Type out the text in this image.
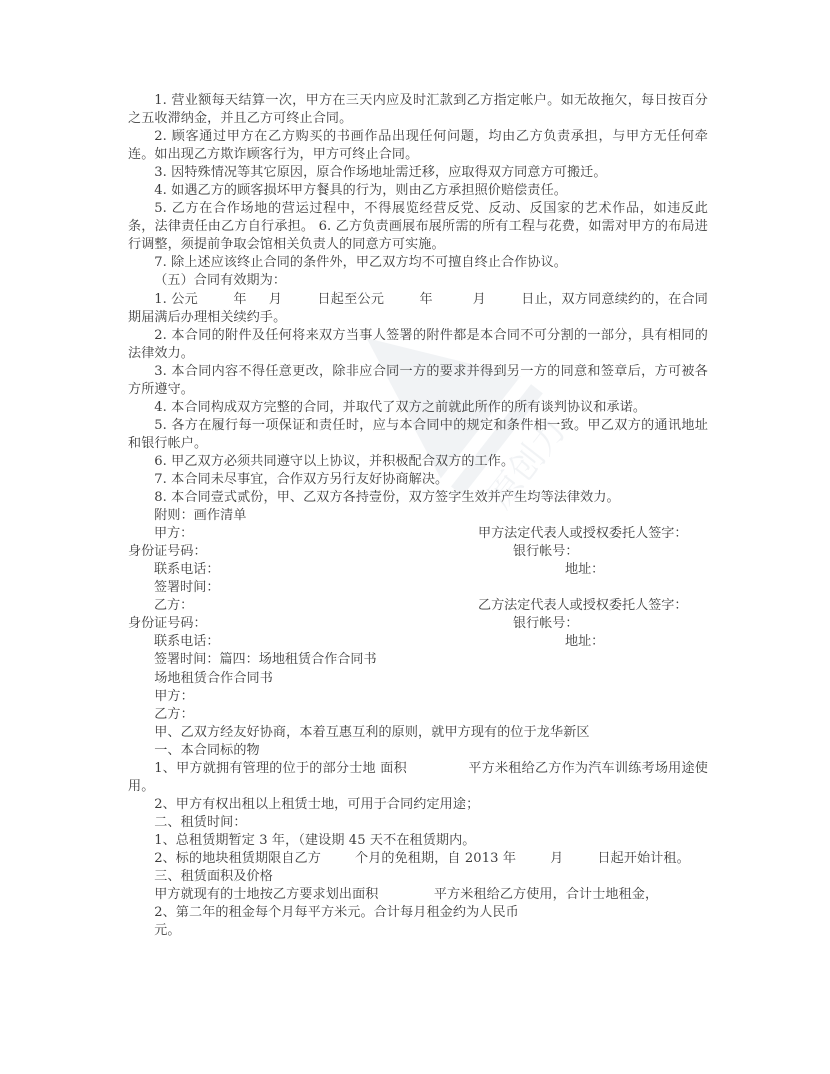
原创力
1. 营业额每天结算一次，甲方在三天内应及时汇款到乙方指定帐户。如无故拖欠，每日按百分之五收滞纳金，并且乙方可终止合同。
2. 顾客通过甲方在乙方购买的书画作品出现任何问题，均由乙方负责承担，与甲方无任何牵连。如出现乙方欺诈顾客行为，甲方可终止合同。
3. 因特殊情况等其它原因，原合作场地址需迁移，应取得双方同意方可搬迁。
4. 如遇乙方的顾客损坏甲方餐具的行为，则由乙方承担照价赔偿责任。
5. 乙方在合作场地的营运过程中，不得展览经营反党、反动、反国家的艺术作品，如违反此条，法律责任由乙方自行承担。 6. 乙方负责画展布展所需的所有工程与花费，如需对甲方的布局进行调整，须提前争取会馆相关负责人的同意方可实施。
7. 除上述应该终止合同的条件外，甲乙双方均不可擅自终止合作协议。
（五）合同有效期为：
1. 公元        年     月        日起至公元        年         月        日止，双方同意续约的，在合同期届满后办理相关续约手。
2. 本合同的附件及任何将来双方当事人签署的附件都是本合同不可分割的一部分，具有相同的法律效力。
3. 本合同内容不得任意更改，除非应合同一方的要求并得到另一方的同意和签章后，方可被各方所遵守。
4. 本合同构成双方完整的合同，并取代了双方之前就此所作的所有谈判协议和承诺。
5. 各方在履行每一项保证和责任时，应与本合同中的规定和条件相一致。甲乙双方的通讯地址和银行帐户。
6. 甲乙双方必须共同遵守以上协议，并积极配合双方的工作。
7. 本合同未尽事宜，合作双方另行友好协商解决。
8. 本合同壹式贰份，甲、乙双方各持壹份，双方签字生效并产生均等法律效力。
附则：画作清单

甲方：

	甲方法定代表人或授权委托人签字：

身份证号码：

	银行帐号：

联系电话：

	地址：

签署时间：

乙方：

	乙方法定代表人或授权委托人签字：

身份证号码：

	银行帐号：

联系电话：

	地址：

签署时间：篇四：场地租赁合作合同书

场地租赁合作合同书
甲方：
乙方：
甲、乙双方经友好协商，本着互惠互利的原则，就甲方现有的位于龙华新区
一、本合同标的物
1、甲方就拥有管理的位于的部分士地 面积              平方米租给乙方作为汽车训练考场用途使用。
2、甲方有权出租以上租赁士地，可用于合同约定用途；
二、租赁时间：
1、总租赁期暂定 3 年，（建设期 45 天不在租赁期内。
2、标的地块租赁期限自乙方        个月的免租期，自 2013 年        月        日起开始计租。
三、租赁面积及价格
甲方就现有的士地按乙方要求划出面积             平方米租给乙方使用，合计士地租金，
2、第二年的租金每个月每平方米元。合计每月租金约为人民币
元。
